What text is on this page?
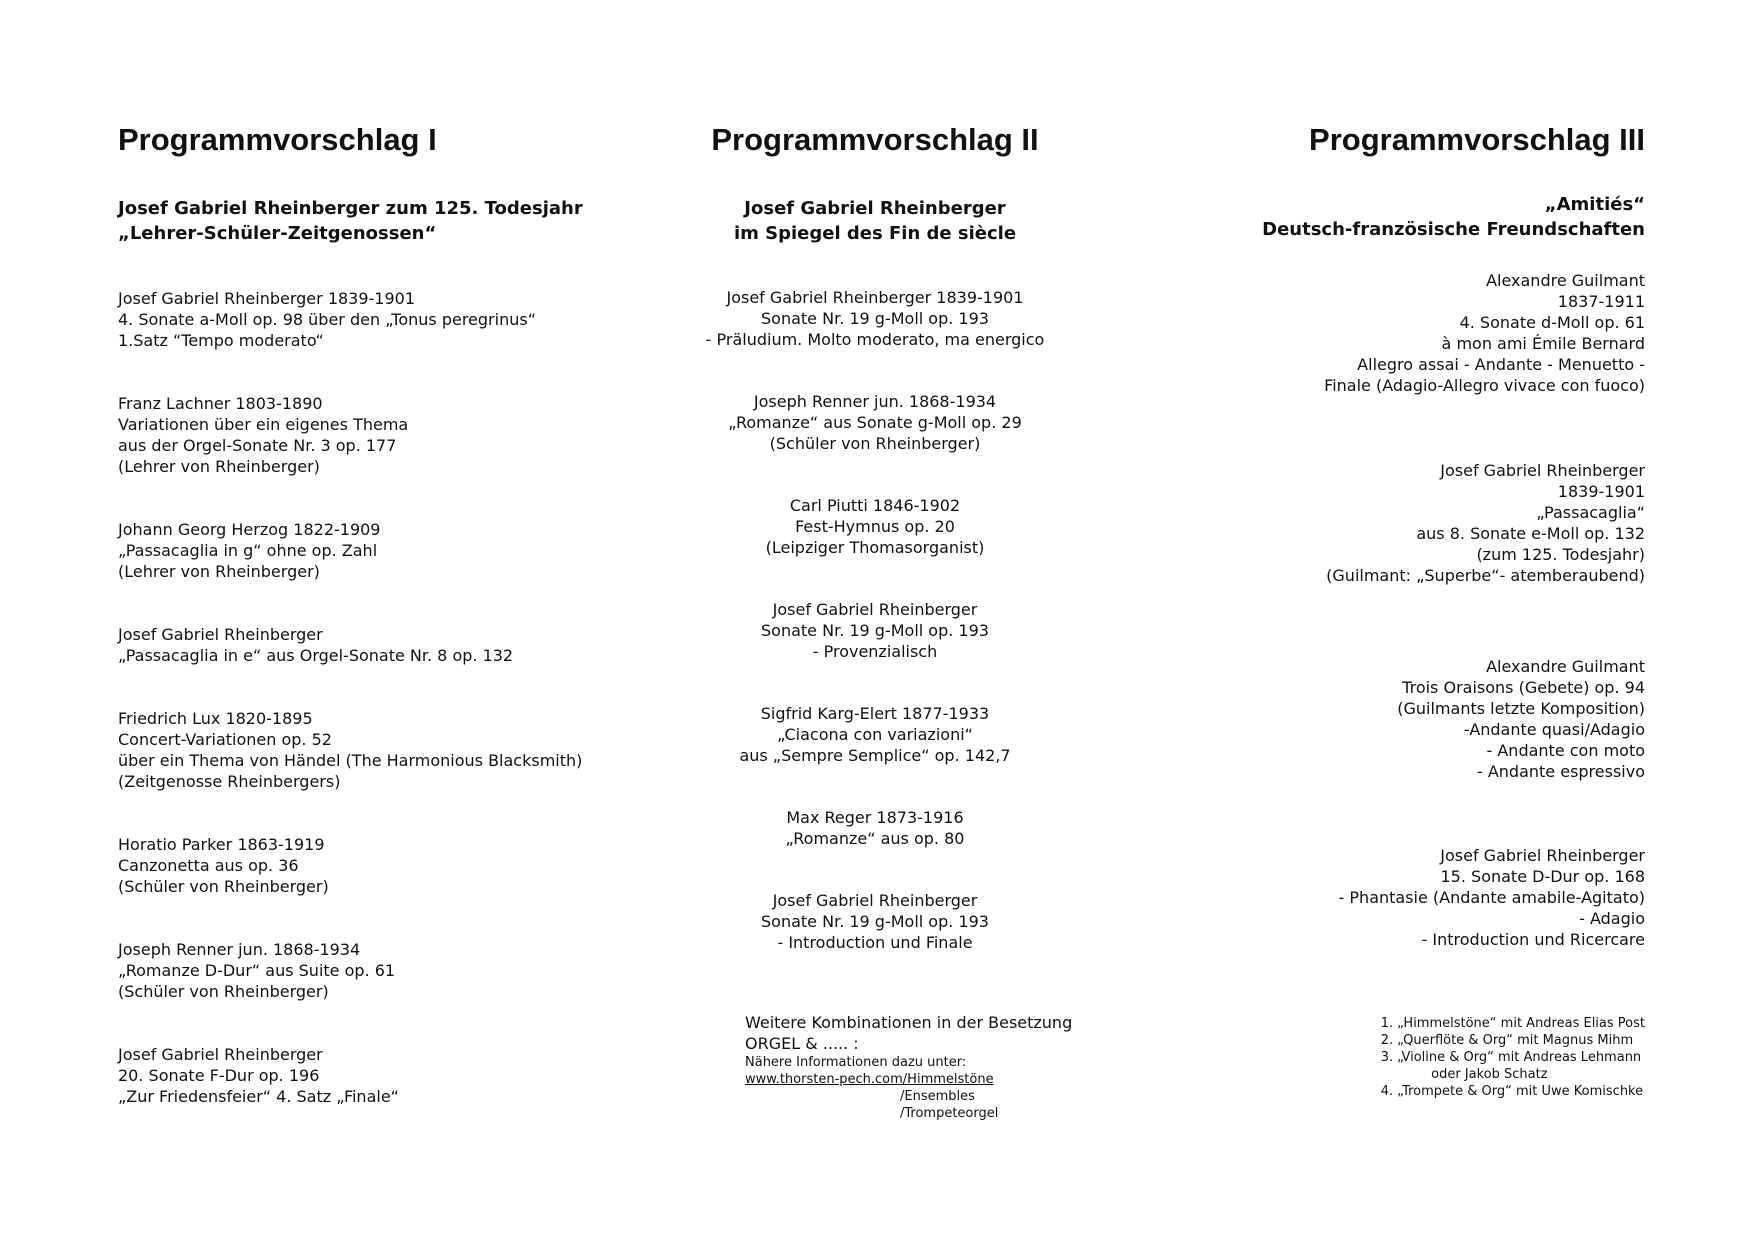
Programmvorschlag I
Josef Gabriel Rheinberger zum 125. Todesjahr
„Lehrer-Schüler-Zeitgenossen“
Josef Gabriel Rheinberger 1839-1901
4. Sonate a-Moll op. 98 über den „Tonus peregrinus“
1.Satz “Tempo moderato“
Franz Lachner 1803-1890
Variationen über ein eigenes Thema
aus der Orgel-Sonate Nr. 3 op. 177
(Lehrer von Rheinberger)
Johann Georg Herzog 1822-1909
„Passacaglia in g“ ohne op. Zahl
(Lehrer von Rheinberger)
Josef Gabriel Rheinberger
„Passacaglia in e“ aus Orgel-Sonate Nr. 8 op. 132
Friedrich Lux 1820-1895
Concert-Variationen op. 52
über ein Thema von Händel (The Harmonious Blacksmith)
(Zeitgenosse Rheinbergers)
Horatio Parker 1863-1919
Canzonetta aus op. 36
(Schüler von Rheinberger)
Joseph Renner jun. 1868-1934
„Romanze D-Dur“ aus Suite op. 61
(Schüler von Rheinberger)
Josef Gabriel Rheinberger
20. Sonate F-Dur op. 196
„Zur Friedensfeier“ 4. Satz „Finale“
Programmvorschlag II
Josef Gabriel Rheinberger
im Spiegel des Fin de siècle
Josef Gabriel Rheinberger 1839-1901
Sonate Nr. 19 g-Moll op. 193
- Präludium. Molto moderato, ma energico
Joseph Renner jun. 1868-1934
„Romanze“ aus Sonate g-Moll op. 29
(Schüler von Rheinberger)
Carl Piutti 1846-1902
Fest-Hymnus op. 20
(Leipziger Thomasorganist)
Josef Gabriel Rheinberger
Sonate Nr. 19 g-Moll op. 193
- Provenzialisch
Sigfrid Karg-Elert 1877-1933
„Ciacona con variazioni“
aus „Sempre Semplice“ op. 142,7
Max Reger 1873-1916
„Romanze“ aus op. 80
Josef Gabriel Rheinberger
Sonate Nr. 19 g-Moll op. 193
- Introduction und Finale
Weitere Kombinationen in der Besetzung
ORGEL & ..... :
Nähere Informationen dazu unter:
www.thorsten-pech.com/Himmelstöne
/Ensembles
/Trompeteorgel
Programmvorschlag III
„Amitiés“
Deutsch-französische Freundschaften
Alexandre Guilmant
1837-1911
4. Sonate d-Moll op. 61
à mon ami Émile Bernard
Allegro assai - Andante - Menuetto -
Finale (Adagio-Allegro vivace con fuoco)
Josef Gabriel Rheinberger
1839-1901
„Passacaglia“
aus 8. Sonate e-Moll op. 132
(zum 125. Todesjahr)
(Guilmant: „Superbe“- atemberaubend)
Alexandre Guilmant
Trois Oraisons (Gebete) op. 94
(Guilmants letzte Komposition)
-Andante quasi/Adagio
- Andante con moto
- Andante espressivo
Josef Gabriel Rheinberger
15. Sonate D-Dur op. 168
- Phantasie (Andante amabile-Agitato)
- Adagio
- Introduction und Ricercare
1. „Himmelstöne“ mit Andreas Elias Post
2. „Querflöte & Org“ mit Magnus Mihm
3. „Violine & Org“ mit Andreas Lehmann
oder Jakob Schatz
4. „Trompete & Org“ mit Uwe Komischke
